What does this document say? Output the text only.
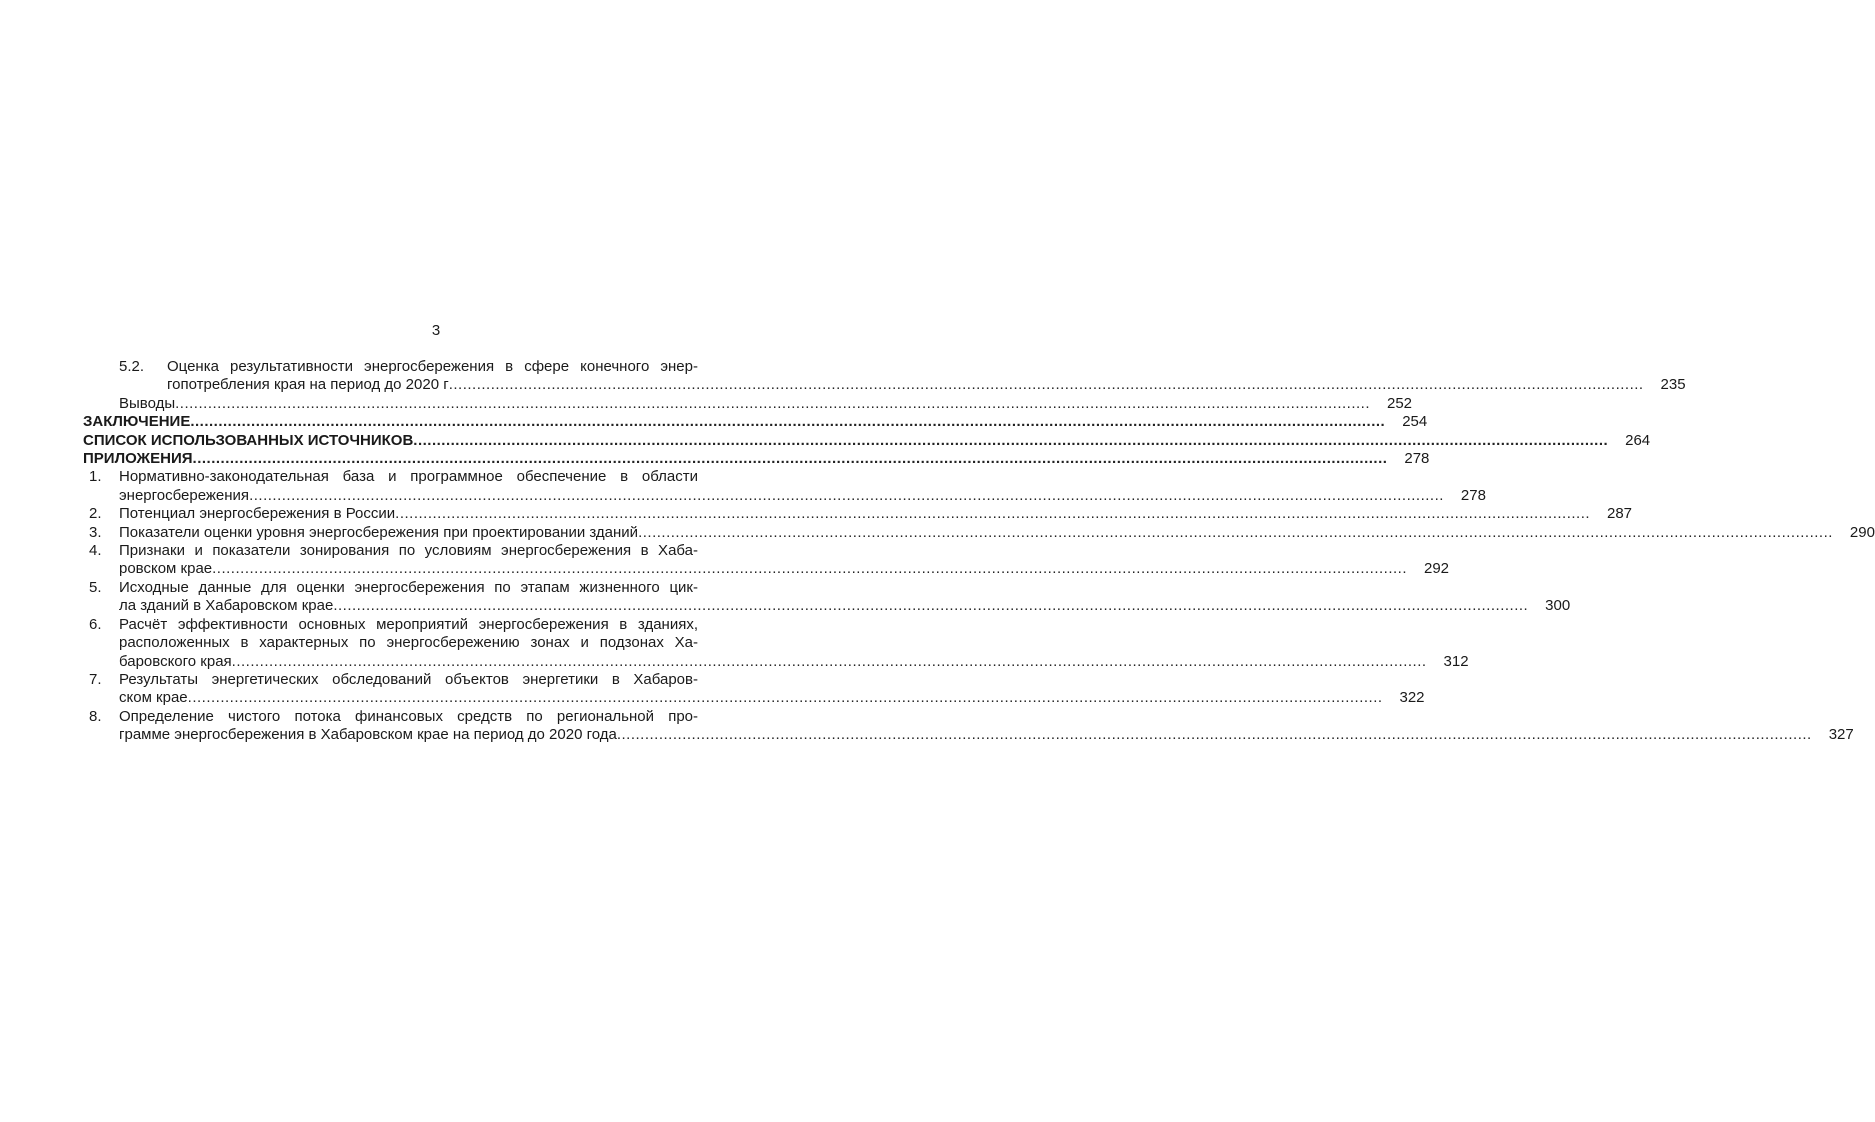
3
5.2.	Оценка результативности энергосбережения в сфере конечного энер-
гопотребления края на период до 2020 г .....	235
Выводы .....	252
ЗАКЛЮЧЕНИЕ .....	254
СПИСОК ИСПОЛЬЗОВАННЫХ ИСТОЧНИКОВ .....	264
ПРИЛОЖЕНИЯ .....	278
1.	Нормативно-законодательная база и программное обеспечение в области
энергосбережения .....	278
2.	Потенциал энергосбережения в России .....	287
3.	Показатели оценки уровня энергосбережения при проектировании зданий .....	290
4.	Признаки и показатели зонирования по условиям энергосбережения в Хаба-
ровском крае .....	292
5.	Исходные данные для оценки энергосбережения по этапам жизненного цик-
ла зданий в Хабаровском крае .....	300
6.	Расчёт эффективности основных мероприятий энергосбережения в зданиях,
расположенных в характерных по энергосбережению зонах и подзонах Ха-
баровского края .....	312
7.	Результаты энергетических обследований объектов энергетики в Хабаров-
ском крае .....	322
8.	Определение чистого потока финансовых средств по региональной про-
грамме энергосбережения в Хабаровском крае на период до 2020 года .....	327
